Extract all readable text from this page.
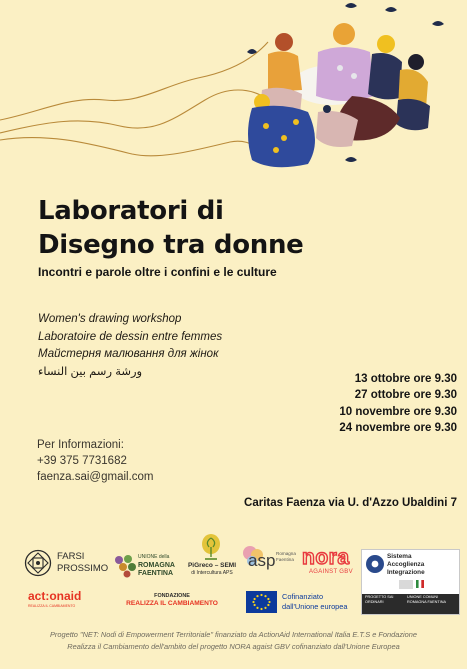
Laboratori di
Disegno tra donne
Incontri e parole oltre i confini e le culture
Women's drawing workshop
Laboratoire de dessin entre femmes
Майстерня малювання для жінок
ورشة رسم بين النساء
13 ottobre ore 9.30
27 ottobre ore 9.30
10 novembre ore 9.30
24 novembre ore 9.30
Per Informazioni:
+39 375 7731682
faenza.sai@gmail.com
Caritas Faenza via U. d'Azzo Ubaldini 7
FARSI
PROSSIMO
UNIONE della
ROMAGNA
FAENTINA
PiGreco – SEMI
di Intercultura APS
asp Romagna
Faentina nora
AGAINST GBV
Sistema
Accoglienza
Integrazione
PROGETTO SAI
ORDINARI
UNIONE COMUNI
ROMAGNA FAENTINA
act:onaid
REALIZZA IL CAMBIAMENTO
FONDAZIONE
REALIZZA IL CAMBIAMENTO
Cofinanziato
dall'Unione europea
Progetto "NET: Nodi di Empowerment Territoriale" finanziato da ActionAid International Italia E.T.S e Fondazione
Realizza il Cambiamento dell'ambito del progetto NORA agaist GBV cofinanziato dall'Unione Europea
